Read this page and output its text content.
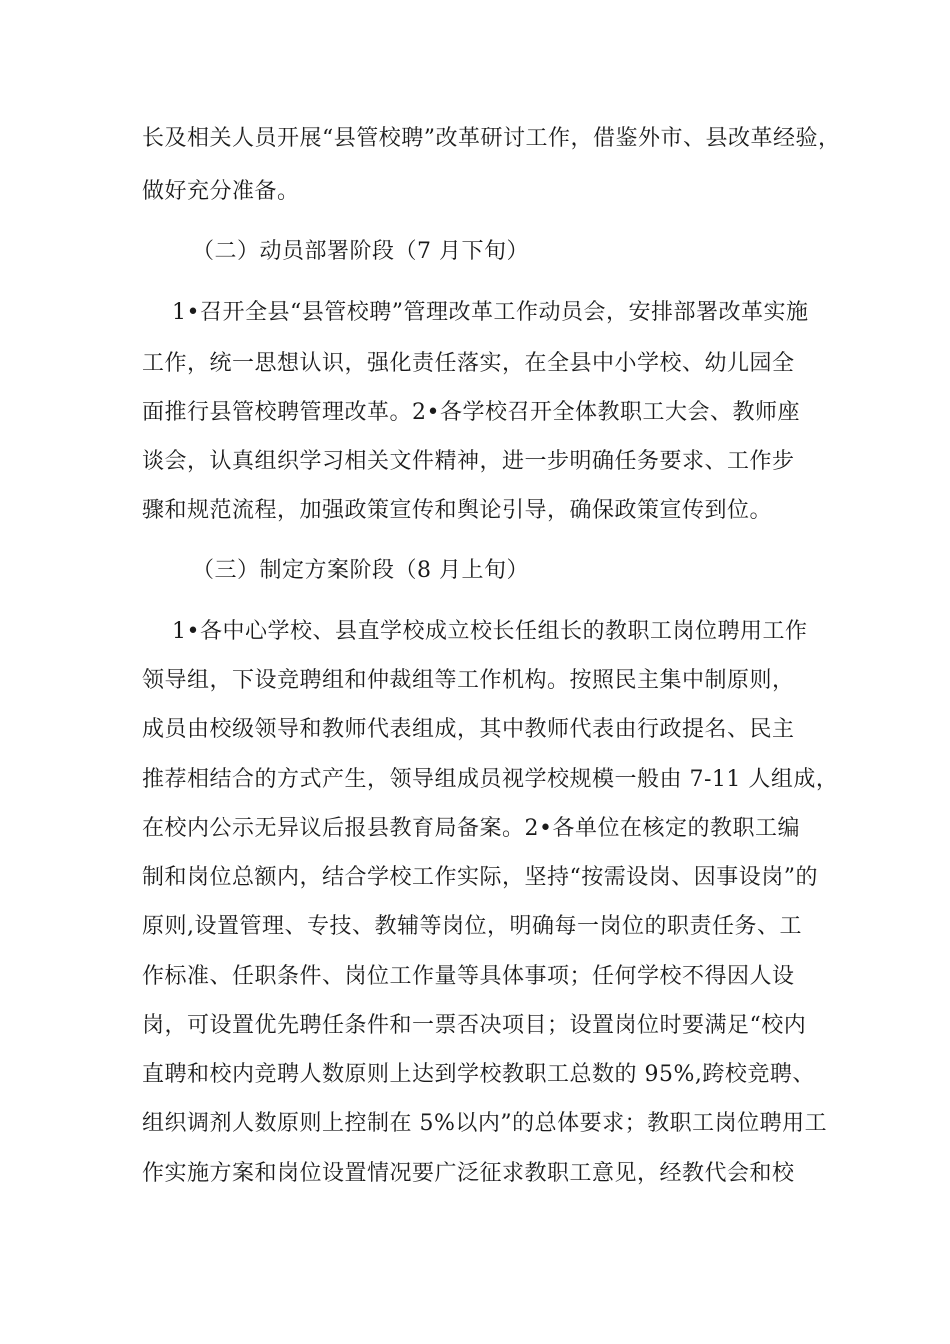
长及相关人员开展“县管校聘”改革研讨工作，借鉴外市、县改革经验，
做好充分准备。
（二）动员部署阶段（7 月下旬）
1•召开全县“县管校聘”管理改革工作动员会，安排部署改革实施
工作，统一思想认识，强化责任落实，在全县中小学校、幼儿园全
面推行县管校聘管理改革。2•各学校召开全体教职工大会、教师座
谈会，认真组织学习相关文件精神，进一步明确任务要求、工作步
骤和规范流程，加强政策宣传和舆论引导，确保政策宣传到位。
（三）制定方案阶段（8 月上旬）
1•各中心学校、县直学校成立校长任组长的教职工岗位聘用工作
领导组，下设竞聘组和仲裁组等工作机构。按照民主集中制原则，
成员由校级领导和教师代表组成，其中教师代表由行政提名、民主
推荐相结合的方式产生，领导组成员视学校规模一般由 7-11 人组成，
在校内公示无异议后报县教育局备案。2•各单位在核定的教职工编
制和岗位总额内，结合学校工作实际，坚持“按需设岗、因事设岗”的
原则,设置管理、专技、教辅等岗位，明确每一岗位的职责任务、工
作标准、任职条件、岗位工作量等具体事项；任何学校不得因人设
岗，可设置优先聘任条件和一票否决项目；设置岗位时要满足“校内
直聘和校内竞聘人数原则上达到学校教职工总数的 95%,跨校竞聘、
组织调剂人数原则上控制在 5%以内”的总体要求；教职工岗位聘用工
作实施方案和岗位设置情况要广泛征求教职工意见，经教代会和校
